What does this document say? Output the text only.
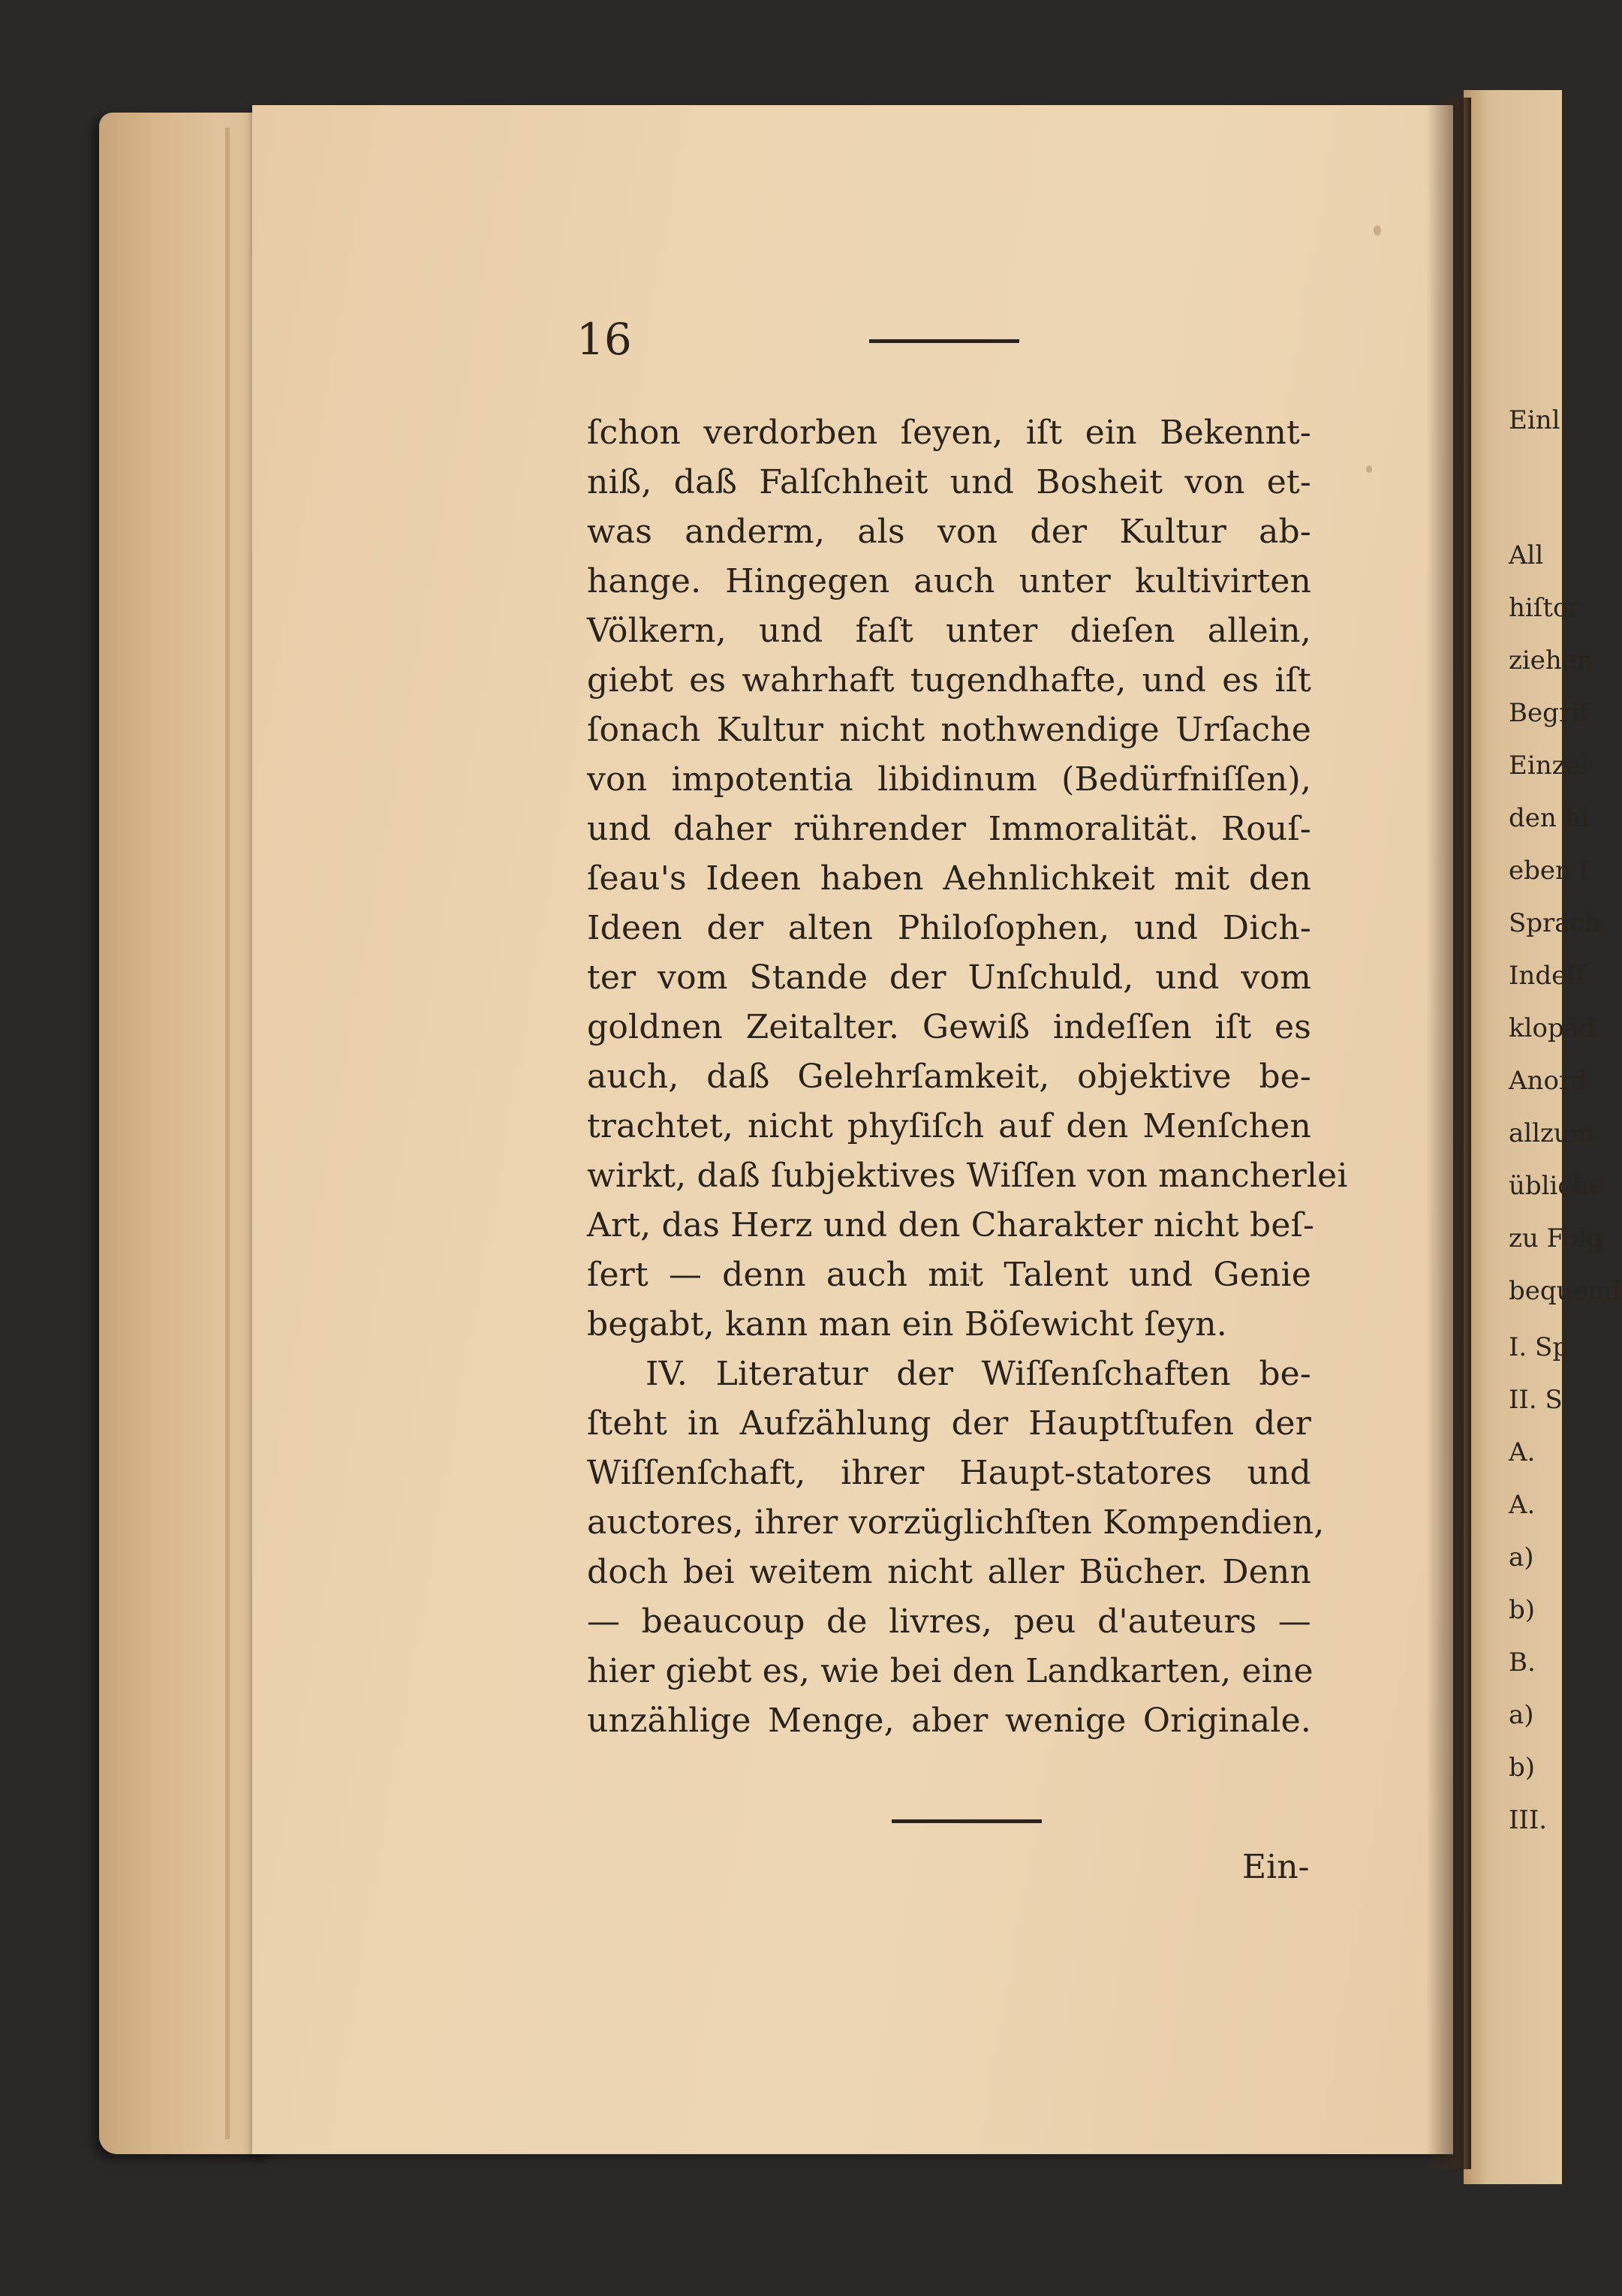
16

ſchon verdorben ſeyen, iſt ein Bekennt-
niß, daß Falſchheit und Bosheit von et-
was anderm, als von der Kultur ab-
hange. Hingegen auch unter kultivirten
Völkern, und faſt unter dieſen allein,
giebt es wahrhaft tugendhafte, und es iſt
ſonach Kultur nicht nothwendige Urſache
von impotentia libidinum (Bedürfniſſen),
und daher rührender Immoralität. Rouſ-
ſeau's Ideen haben Aehnlichkeit mit den
Ideen der alten Philoſophen, und Dich-
ter vom Stande der Unſchuld, und vom
goldnen Zeitalter. Gewiß indeſſen iſt es
auch, daß Gelehrſamkeit, objektive be-
trachtet, nicht phyſiſch auf den Menſchen
wirkt, daß ſubjektives Wiſſen von mancherlei
Art, das Herz und den Charakter nicht beſ-
ſert — denn auch mit Talent und Genie
begabt, kann man ein Böſewicht ſeyn.
IV. Literatur der Wiſſenſchaften be-
ſteht in Aufzählung der Hauptſtufen der
Wiſſenſchaft, ihrer Haupt-statores und
auctores, ihrer vorzüglichſten Kompendien,
doch bei weitem nicht aller Bücher. Denn
— beaucoup de livres, peu d'auteurs —
hier giebt es, wie bei den Landkarten, eine
unzählige Menge, aber wenige Originale.

Ein-

Einl
All
hiſtor
ziehen
Begrif
Einzel
den hi
eben ſ
Sprach
Indeſſ
klopäd
Anord
allzum
übliche
zu Folg
bequemſ
I. Sp
II. S
A.
A.
a)
b)
B.
a)
b)
III.
